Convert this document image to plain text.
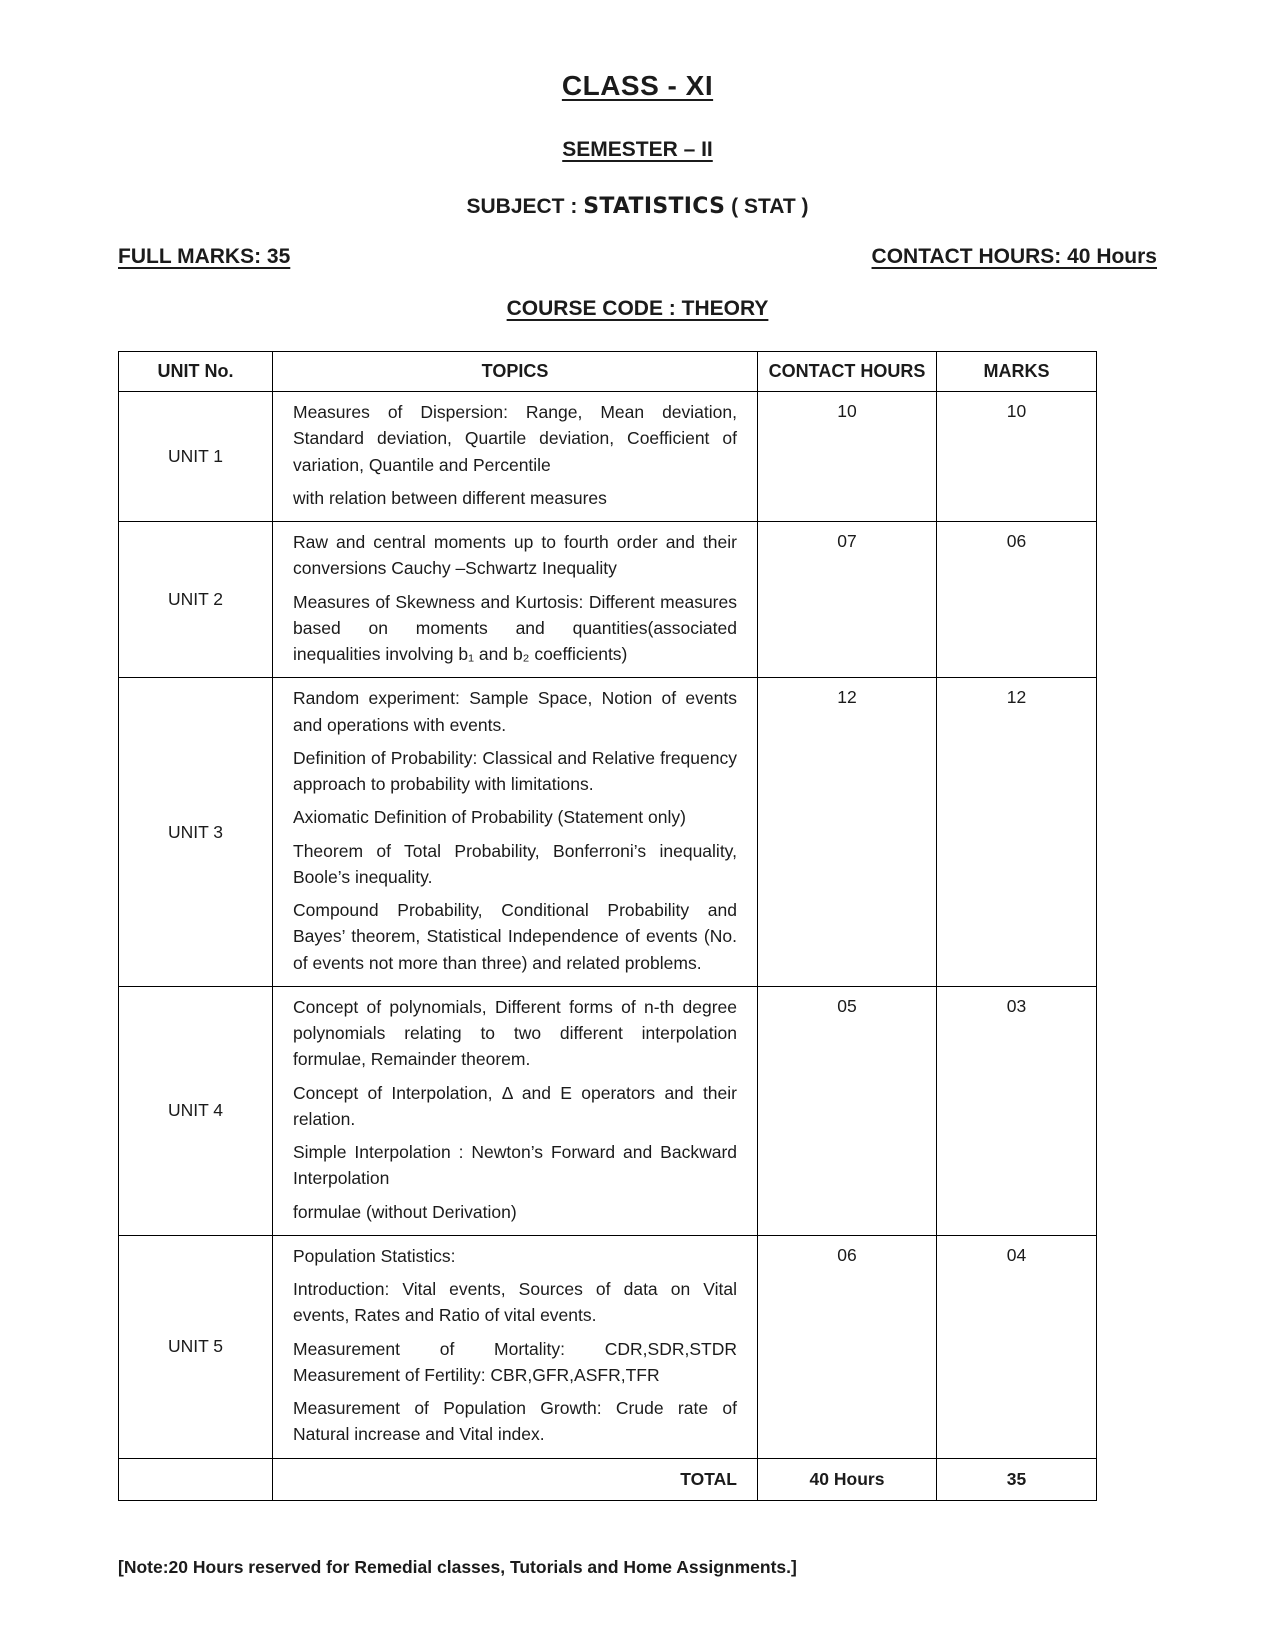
CLASS - XI
SEMESTER – II
SUBJECT : STATISTICS ( STAT )
FULL MARKS: 35	CONTACT HOURS: 40 Hours
COURSE CODE : THEORY
UNIT No.	TOPICS	CONTACT HOURS	MARKS
UNIT 1	Measures of Dispersion: Range, Mean deviation, Standard deviation, Quartile deviation, Coefficient of variation, Quantile and Percentile

with relation between different measures	10	10
UNIT 2	Raw and central moments up to fourth order and their conversions Cauchy –Schwartz Inequality

Measures of Skewness and Kurtosis: Different measures based on moments and quantities(associated inequalities involving b₁ and b₂ coefficients)	07	06
UNIT 3	Random experiment: Sample Space, Notion of events and operations with events.

Definition of Probability: Classical and Relative frequency approach to probability with limitations.

Axiomatic Definition of Probability (Statement only)

Theorem of Total Probability, Bonferroni’s inequality, Boole’s inequality.

Compound Probability, Conditional Probability and Bayes’ theorem, Statistical Independence of events (No. of events not more than three) and related problems.	12	12
UNIT 4	Concept of polynomials, Different forms of n-th degree polynomials relating to two different interpolation formulae, Remainder theorem.

Concept of Interpolation, Δ and E operators and their relation.

Simple Interpolation : Newton’s Forward and Backward Interpolation

formulae (without Derivation)	05	03
UNIT 5	Population Statistics:

Introduction: Vital events, Sources of data on Vital events, Rates and Ratio of vital events.

Measurement of Mortality: CDR,SDR,STDR Measurement of Fertility: CBR,GFR,ASFR,TFR

Measurement of Population Growth: Crude rate of Natural increase and Vital index.	06	04
	TOTAL	40 Hours	35
[Note:20 Hours reserved for Remedial classes, Tutorials and Home Assignments.]
